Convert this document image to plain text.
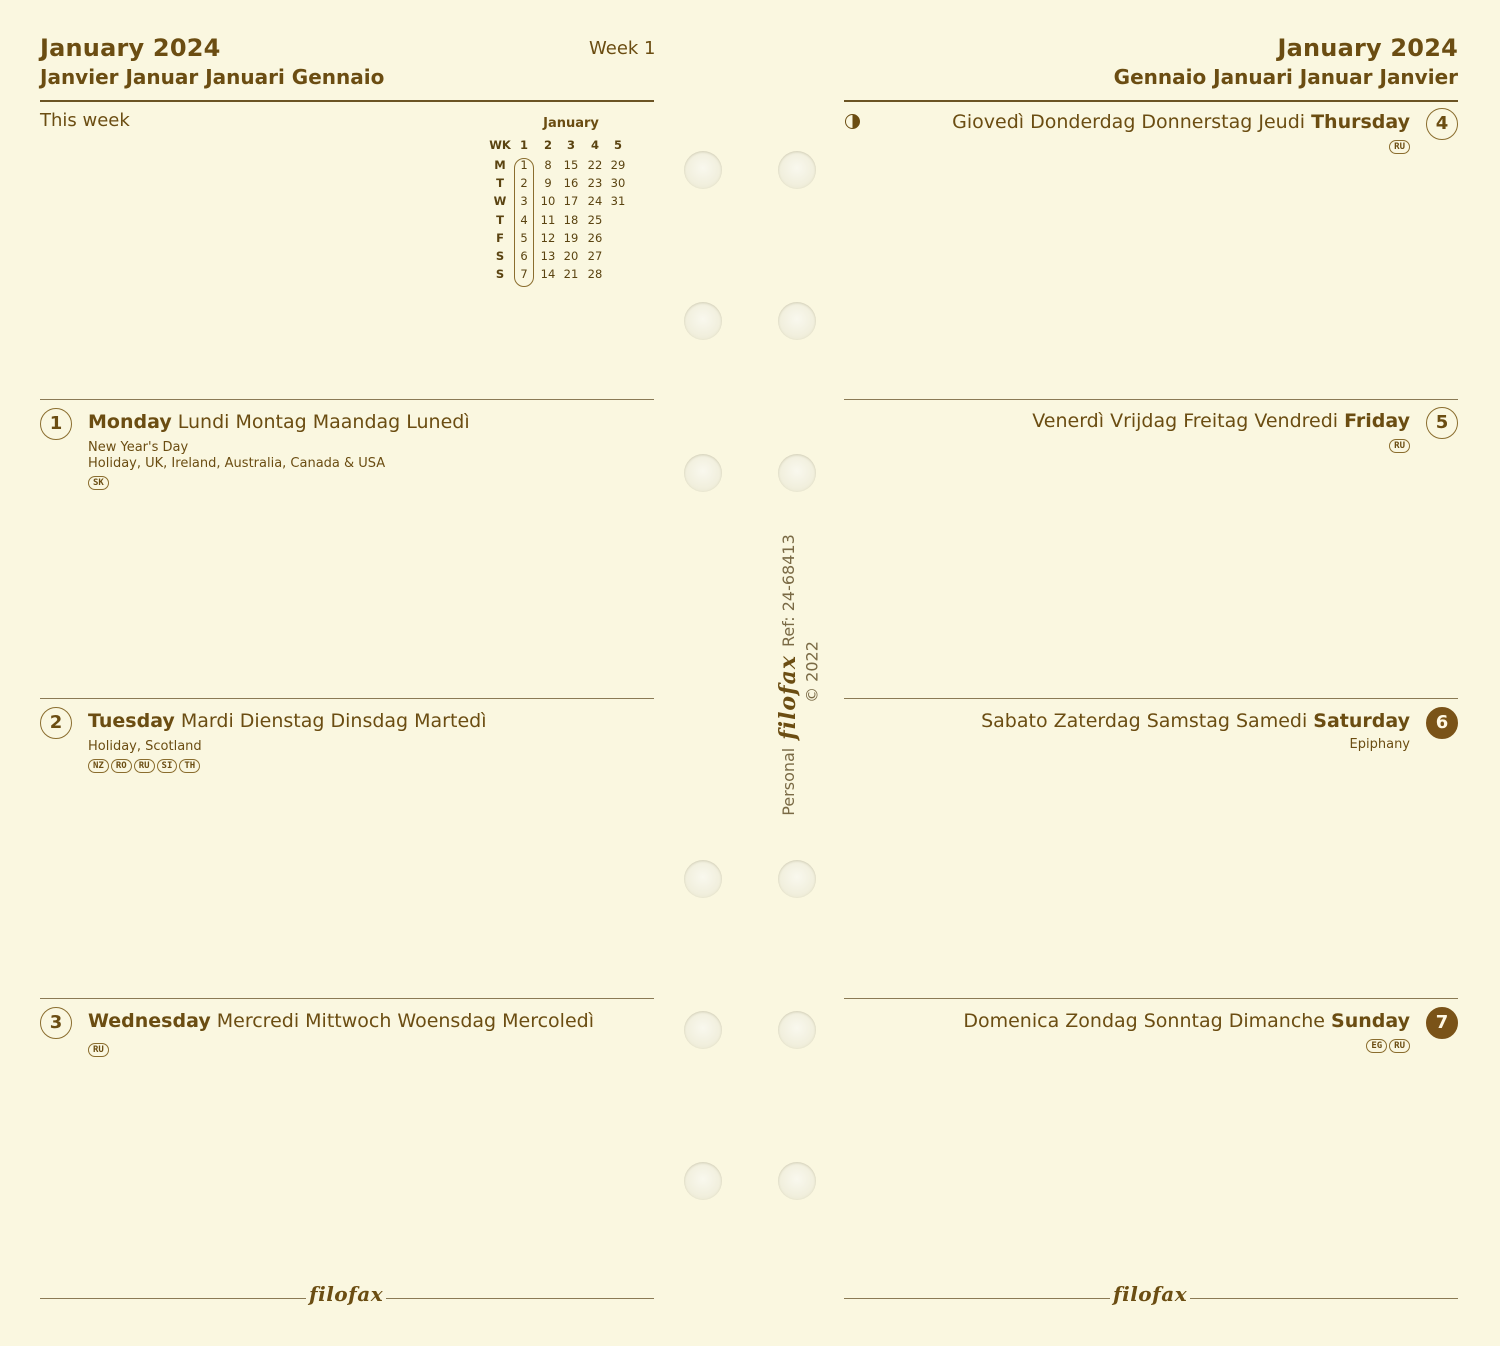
January 2024
Janvier Januar Januari Gennaio
Week 1
This week	January
WK 1	2	3	4	5
M	1	8	15 22 29
T	2	9	16 23 30
W	3	10 17 24 31
T	4	11 18 25
F	5	12 19 26
S	6	13 20 27
S	7	14 21 28
1	Monday Lundi Montag Maandag Lunedì
New Year's Day
Holiday, UK, Ireland, Australia, Canada & USA
SK
2	Tuesday Mardi Dienstag Dinsdag Martedì
Holiday, Scotland
NZ	RO	RU	SI	TH
3	Wednesday Mercredi Mittwoch Woensdag Mercoledì
RU
filofax
Personal
filofax
Ref: 24-68413
© 2022
January 2024
Gennaio Januari Januar Janvier
4
Giovedì Donderdag Donnerstag Jeudi Thursday
RU
5
Venerdì Vrijdag Freitag Vendredi Friday
RU
6
Sabato Zaterdag Samstag Samedi Saturday
Epiphany
7
Domenica Zondag Sonntag Dimanche Sunday
EG	RU
filofax
